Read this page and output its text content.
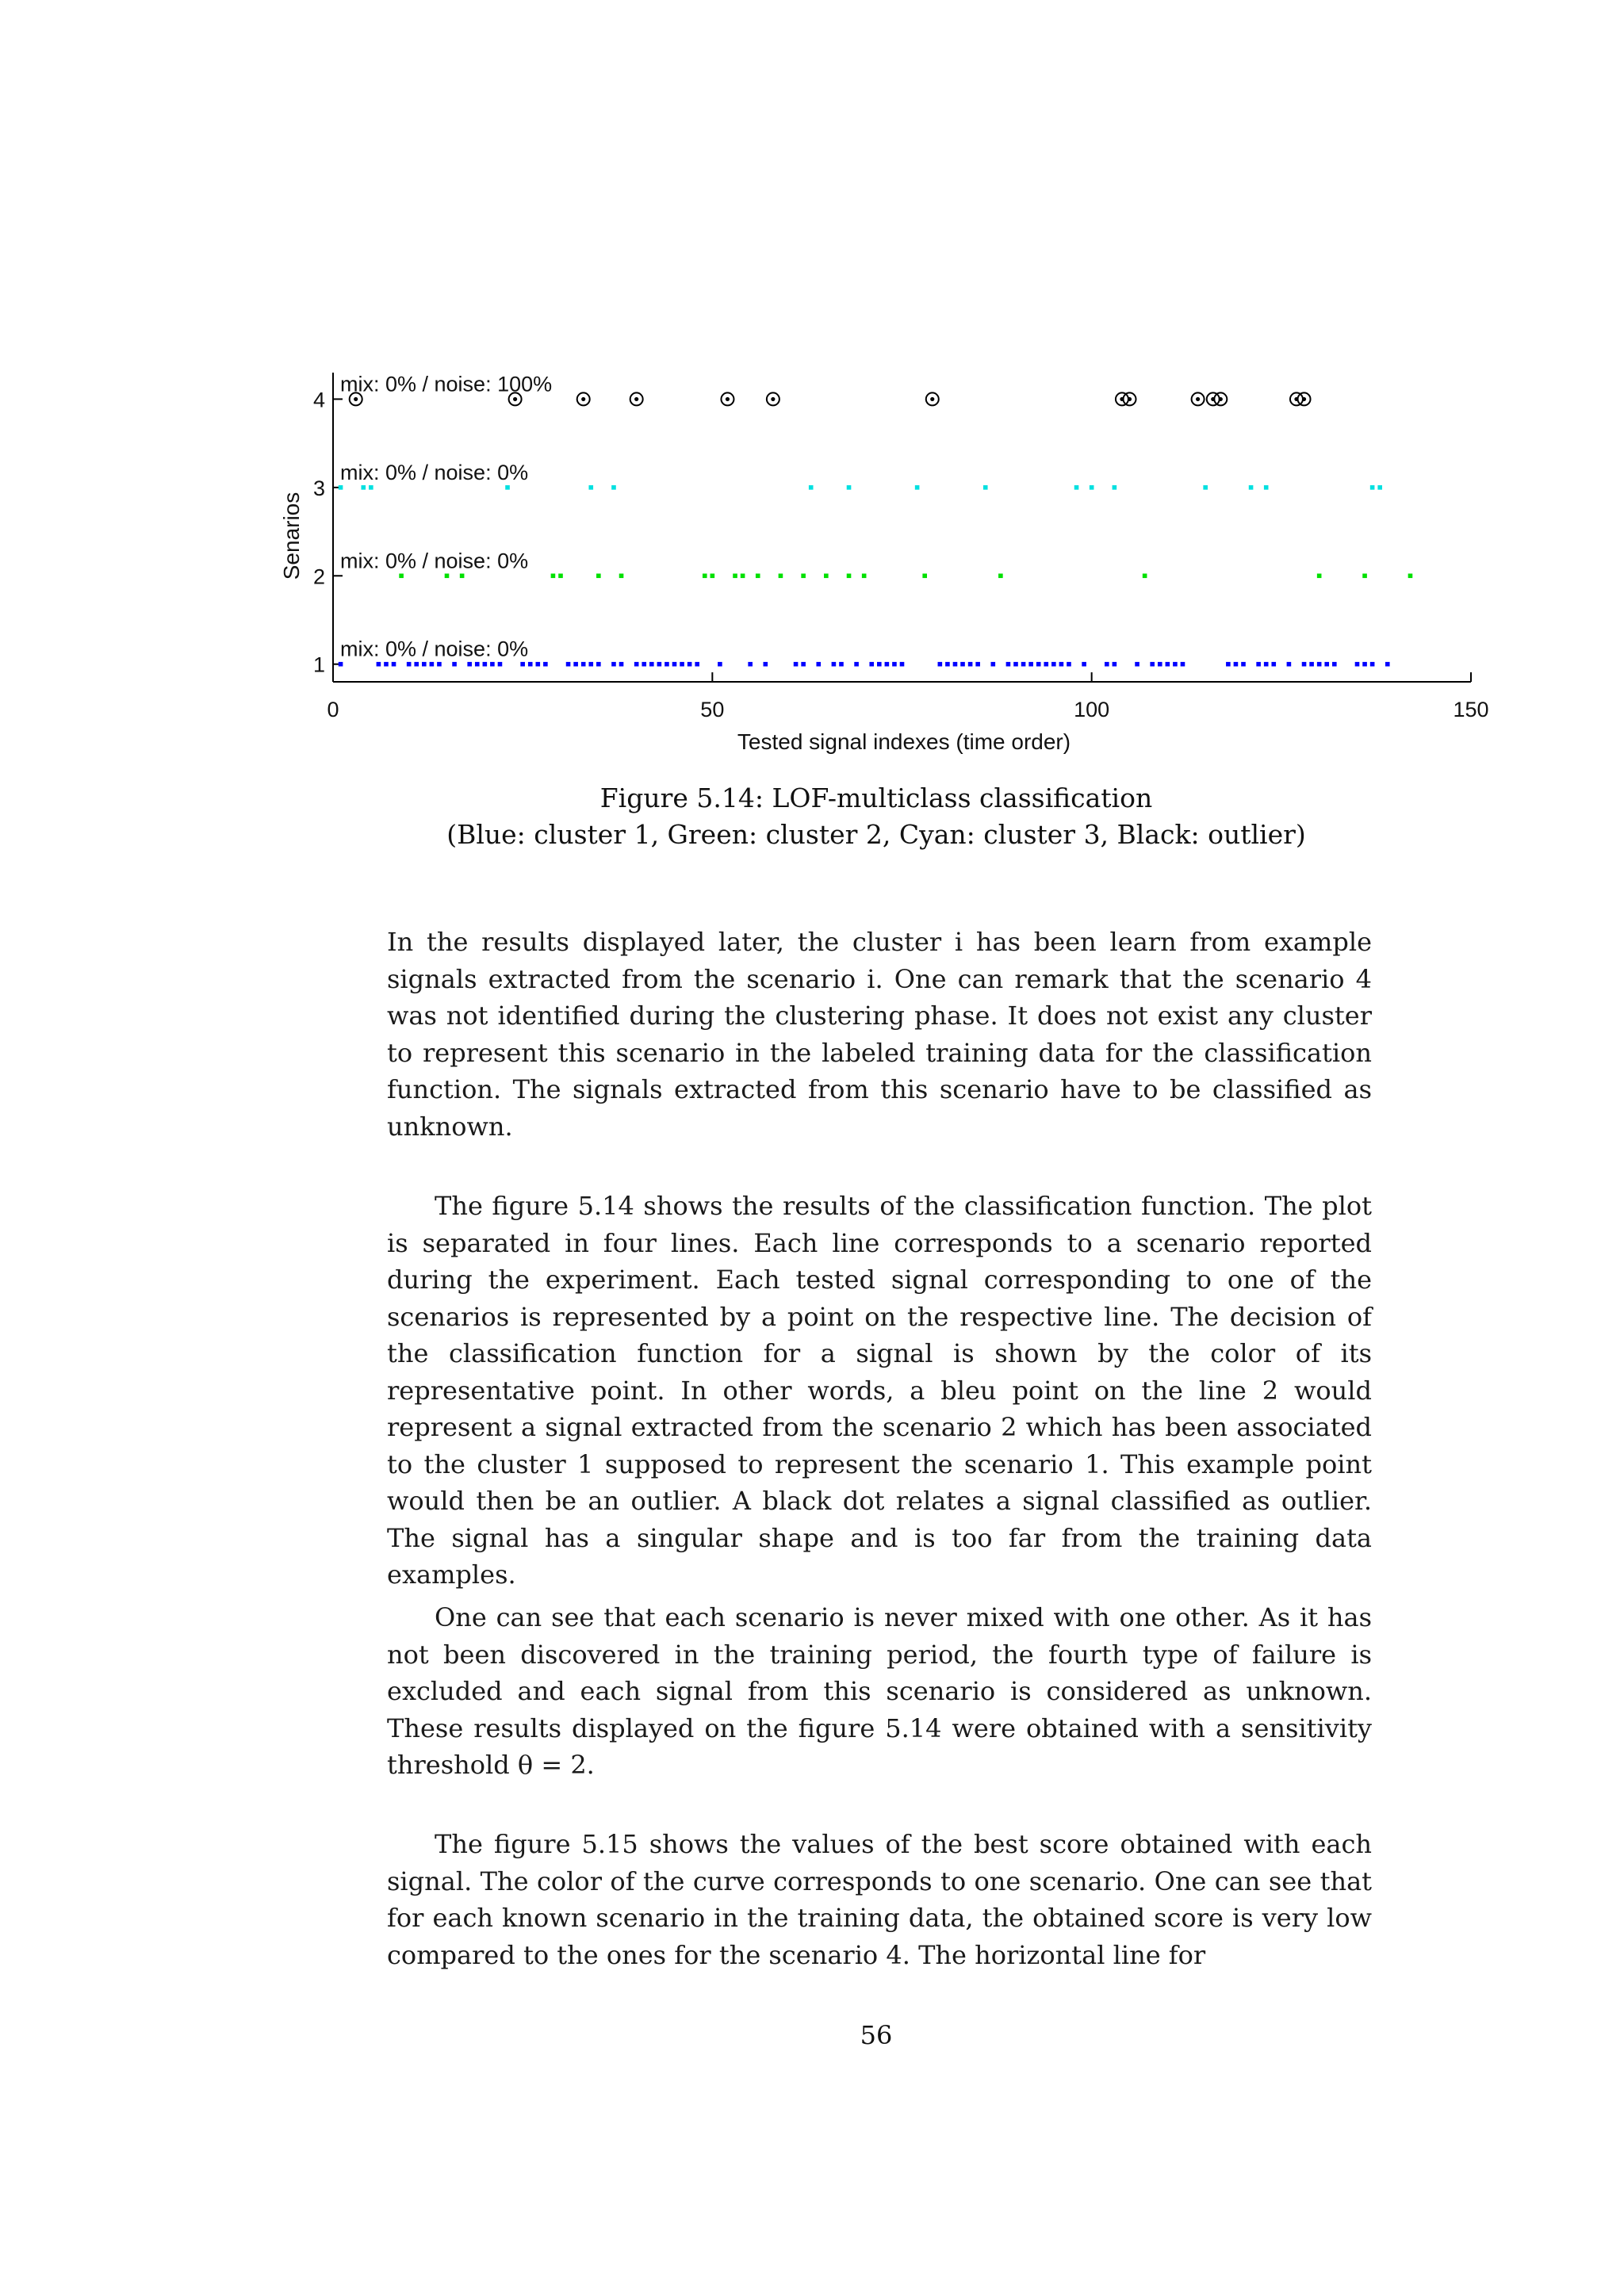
0	50	100	150
1
2
3
4
mix: 0% / noise: 100%
mix: 0% / noise: 0%
mix: 0% / noise: 0%
mix: 0% / noise: 0%
Tested signal indexes (time order)
Senarios
Figure 5.14: LOF-multiclass classification
(Blue: cluster 1, Green: cluster 2, Cyan: cluster 3, Black: outlier)

In the results displayed later, the cluster i has been learn from example signals extracted from the scenario i. One can remark that the scenario 4 was not identified during the clustering phase. It does not exist any cluster to represent this scenario in the labeled training data for the classification function. The signals extracted from this scenario have to be classified as unknown.

The figure 5.14 shows the results of the classification function. The plot is separated in four lines. Each line corresponds to a scenario reported during the experiment. Each tested signal corresponding to one of the scenarios is represented by a point on the respective line. The decision of the classification function for a signal is shown by the color of its representative point. In other words, a bleu point on the line 2 would represent a signal extracted from the scenario 2 which has been associated to the cluster 1 supposed to represent the scenario 1. This example point would then be an outlier. A black dot relates a signal classified as outlier. The signal has a singular shape and is too far from the training data examples.

One can see that each scenario is never mixed with one other. As it has not been discovered in the training period, the fourth type of failure is excluded and each signal from this scenario is considered as unknown. These results displayed on the figure 5.14 were obtained with a sensitivity threshold θ = 2.

The figure 5.15 shows the values of the best score obtained with each signal. The color of the curve corresponds to one scenario. One can see that for each known scenario in the training data, the obtained score is very low compared to the ones for the scenario 4. The horizontal line for

56
